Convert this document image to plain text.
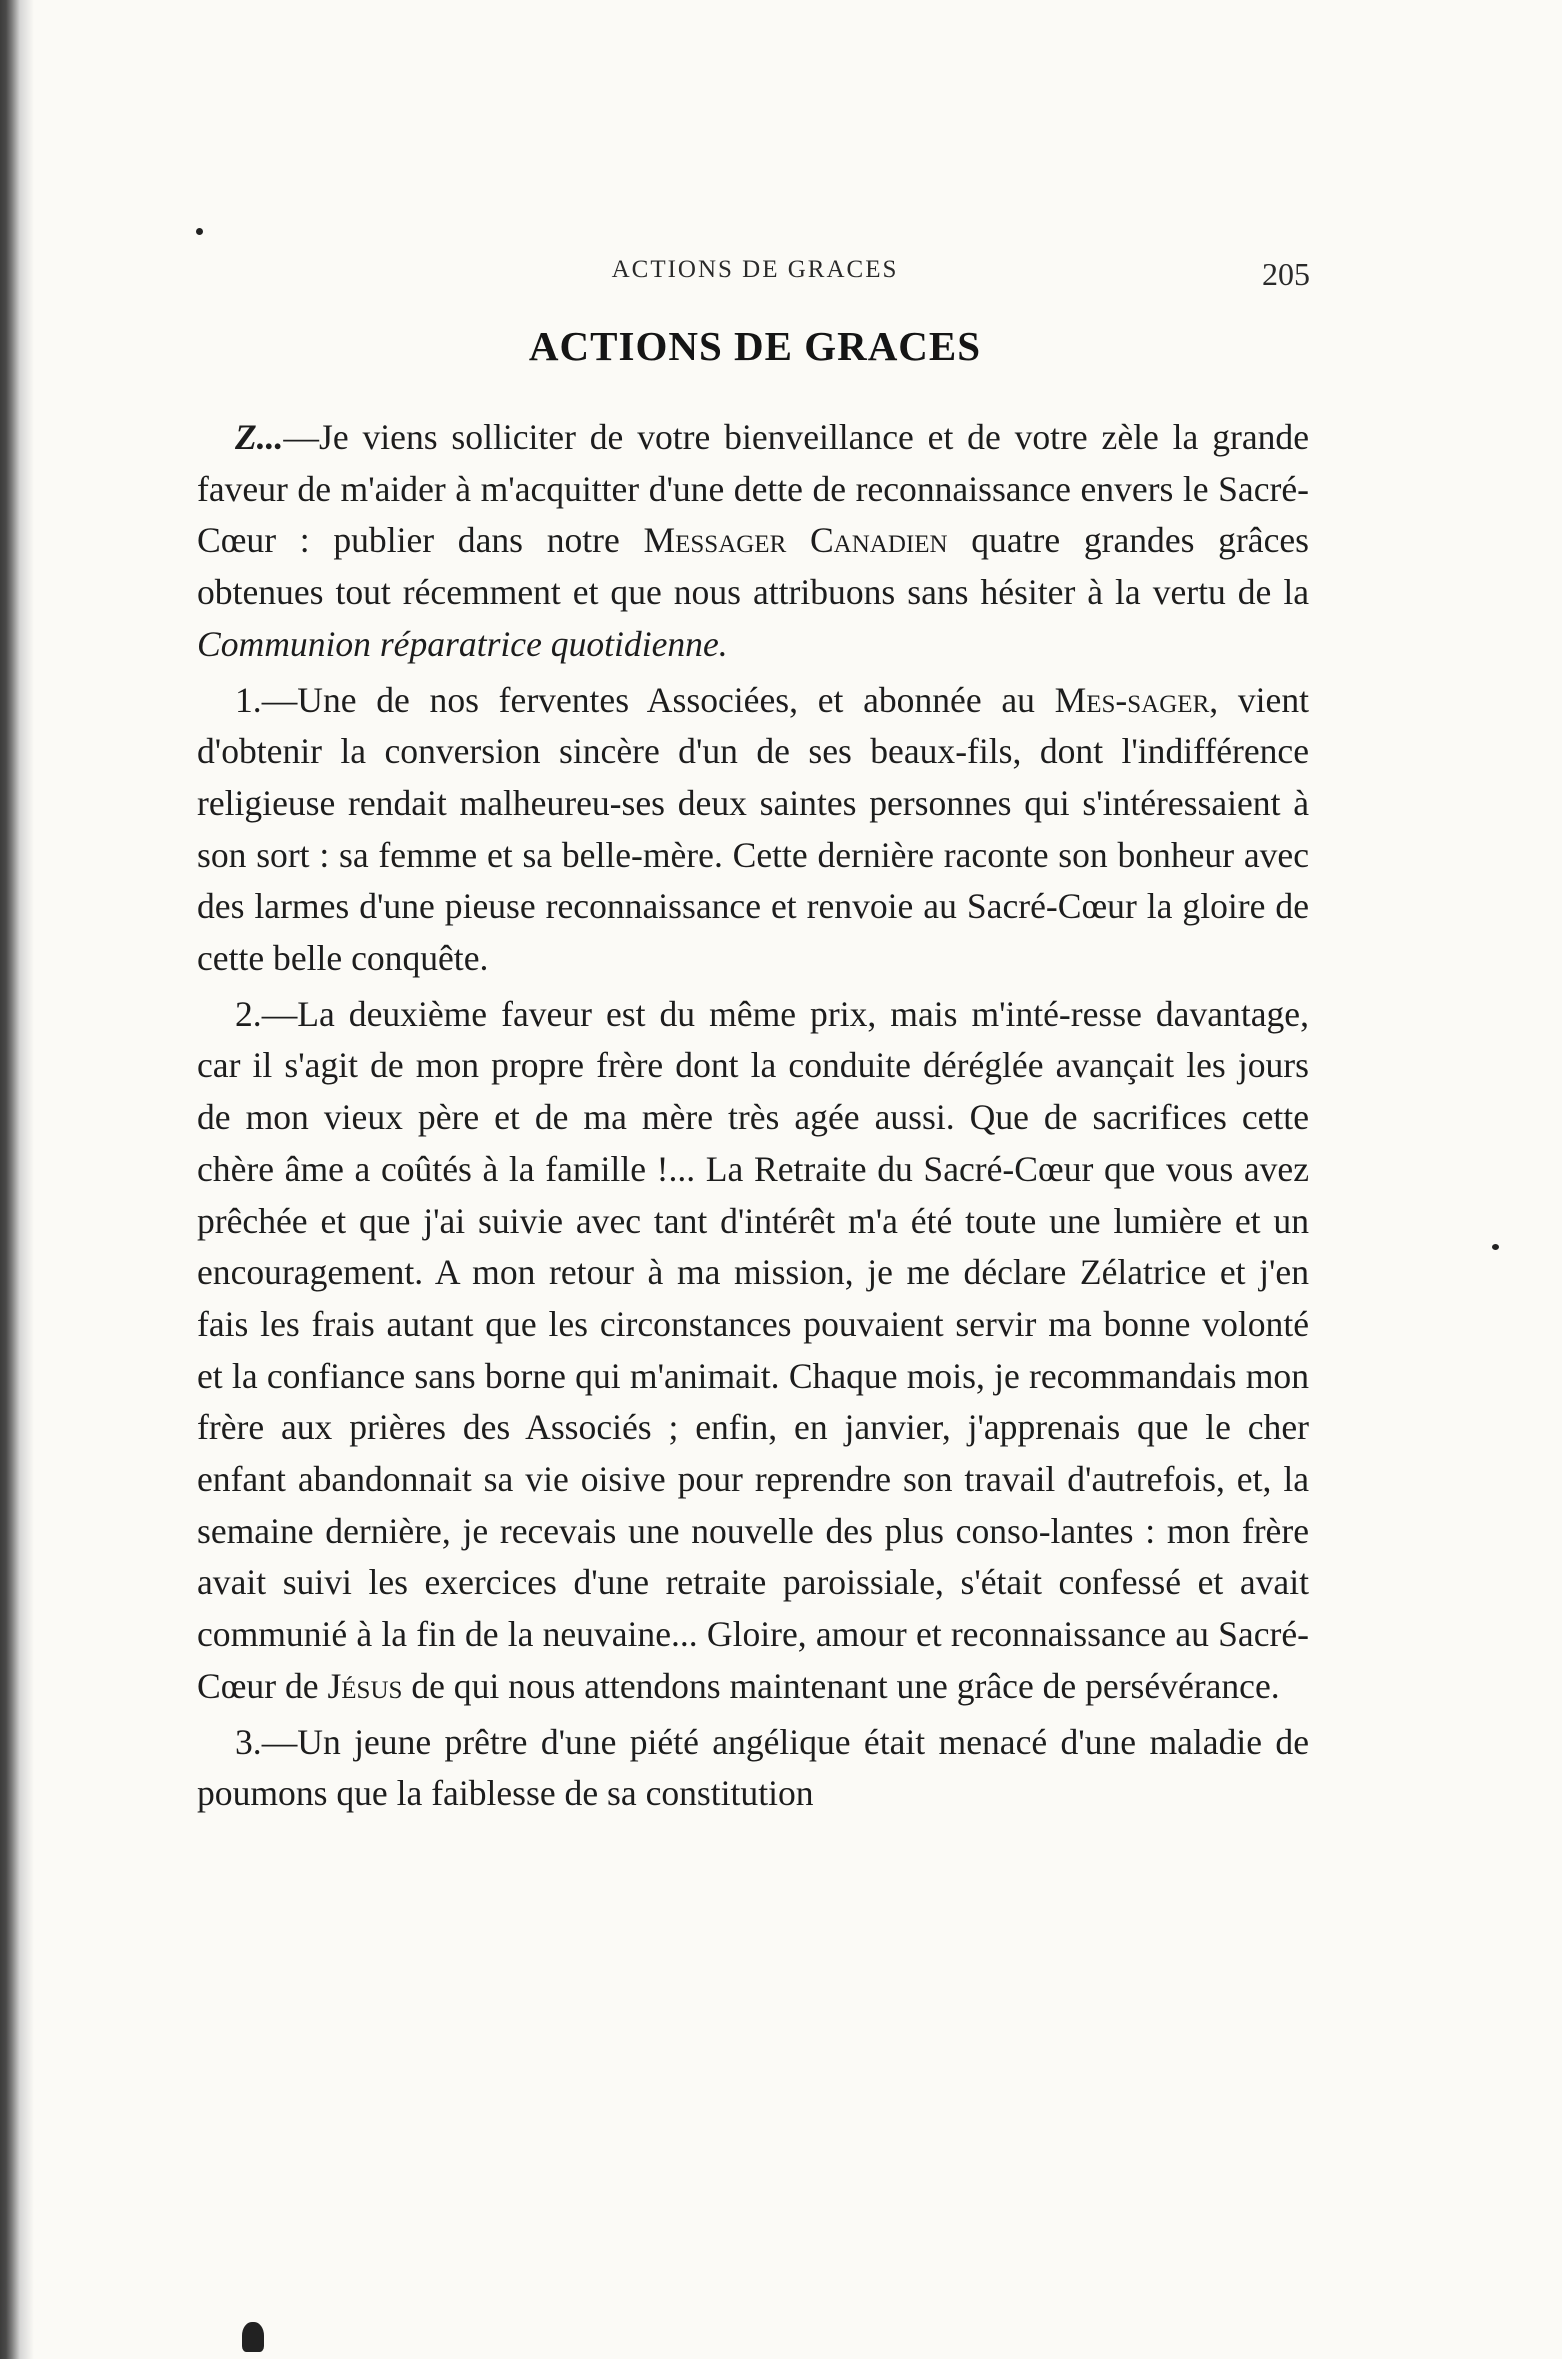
ACTIONS DE GRACES	205
ACTIONS DE GRACES

Z...—Je viens solliciter de votre bienveillance et de votre zèle la grande faveur de m'aider à m'acquitter d'une dette de reconnaissance envers le Sacré-Cœur : publier dans notre Messager Canadien quatre grandes grâces obtenues tout récemment et que nous attribuons sans hésiter à la vertu de la Communion réparatrice quotidienne.

1.—Une de nos ferventes Associées, et abonnée au Mes-sager, vient d'obtenir la conversion sincère d'un de ses beaux-fils, dont l'indifférence religieuse rendait malheureu-ses deux saintes personnes qui s'intéressaient à son sort : sa femme et sa belle-mère. Cette dernière raconte son bonheur avec des larmes d'une pieuse reconnaissance et renvoie au Sacré-Cœur la gloire de cette belle conquête.

2.—La deuxième faveur est du même prix, mais m'inté-resse davantage, car il s'agit de mon propre frère dont la conduite déréglée avançait les jours de mon vieux père et de ma mère très agée aussi. Que de sacrifices cette chère âme a coûtés à la famille !... La Retraite du Sacré-Cœur que vous avez prêchée et que j'ai suivie avec tant d'intérêt m'a été toute une lumière et un encouragement. A mon retour à ma mission, je me déclare Zélatrice et j'en fais les frais autant que les circonstances pouvaient servir ma bonne volonté et la confiance sans borne qui m'animait. Chaque mois, je recommandais mon frère aux prières des Associés ; enfin, en janvier, j'apprenais que le cher enfant abandonnait sa vie oisive pour reprendre son travail d'autrefois, et, la semaine dernière, je recevais une nouvelle des plus conso-lantes : mon frère avait suivi les exercices d'une retraite paroissiale, s'était confessé et avait communié à la fin de la neuvaine... Gloire, amour et reconnaissance au Sacré-Cœur de Jésus de qui nous attendons maintenant une grâce de persévérance.

3.—Un jeune prêtre d'une piété angélique était menacé d'une maladie de poumons que la faiblesse de sa constitution
